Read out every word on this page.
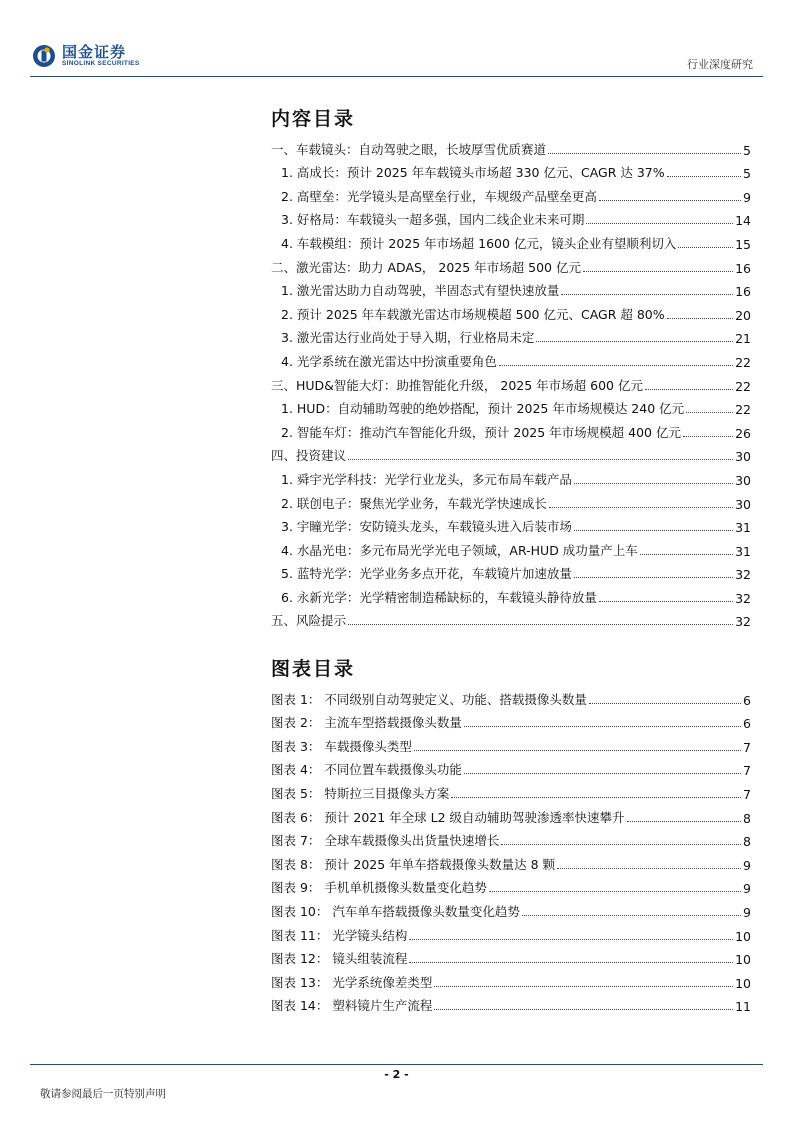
国金证券
SINOLINK SECURITIES	行业深度研究
内容目录
一、车载镜头：自动驾驶之眼，长坡厚雪优质赛道	5
1. 高成长：预计 2025 年车载镜头市场超 330 亿元、CAGR 达 37%	5
2. 高壁垒：光学镜头是高壁垒行业，车规级产品壁垒更高	9
3. 好格局：车载镜头一超多强，国内二线企业未来可期	14
4. 车载模组：预计 2025 年市场超 1600 亿元，镜头企业有望顺利切入	15
二、激光雷达：助力 ADAS， 2025 年市场超 500 亿元	16
1. 激光雷达助力自动驾驶，半固态式有望快速放量	16
2. 预计 2025 年车载激光雷达市场规模超 500 亿元、CAGR 超 80%	20
3. 激光雷达行业尚处于导入期，行业格局未定	21
4. 光学系统在激光雷达中扮演重要角色	22
三、HUD&智能大灯：助推智能化升级， 2025 年市场超 600 亿元	22
1. HUD：自动辅助驾驶的绝妙搭配，预计 2025 年市场规模达 240 亿元	22
2. 智能车灯：推动汽车智能化升级，预计 2025 年市场规模超 400 亿元	26
四、投资建议	30
1. 舜宇光学科技：光学行业龙头，多元布局车载产品	30
2. 联创电子：聚焦光学业务，车载光学快速成长	30
3. 宇瞳光学：安防镜头龙头，车载镜头进入后装市场	31
4. 水晶光电：多元布局光学光电子领域，AR-HUD 成功量产上车	31
5. 蓝特光学：光学业务多点开花，车载镜片加速放量	32
6. 永新光学：光学精密制造稀缺标的，车载镜头静待放量	32
五、风险提示	32
图表目录
图表 1： 不同级别自动驾驶定义、功能、搭载摄像头数量	6
图表 2： 主流车型搭载摄像头数量	6
图表 3： 车载摄像头类型	7
图表 4： 不同位置车载摄像头功能	7
图表 5： 特斯拉三目摄像头方案	7
图表 6： 预计 2021 年全球 L2 级自动辅助驾驶渗透率快速攀升	8
图表 7： 全球车载摄像头出货量快速增长	8
图表 8： 预计 2025 年单车搭载摄像头数量达 8 颗	9
图表 9： 手机单机摄像头数量变化趋势	9
图表 10： 汽车单车搭载摄像头数量变化趋势	9
图表 11： 光学镜头结构	10
图表 12： 镜头组装流程	10
图表 13： 光学系统像差类型	10
图表 14： 塑料镜片生产流程	11
- 2 -
敬请参阅最后一页特别声明
